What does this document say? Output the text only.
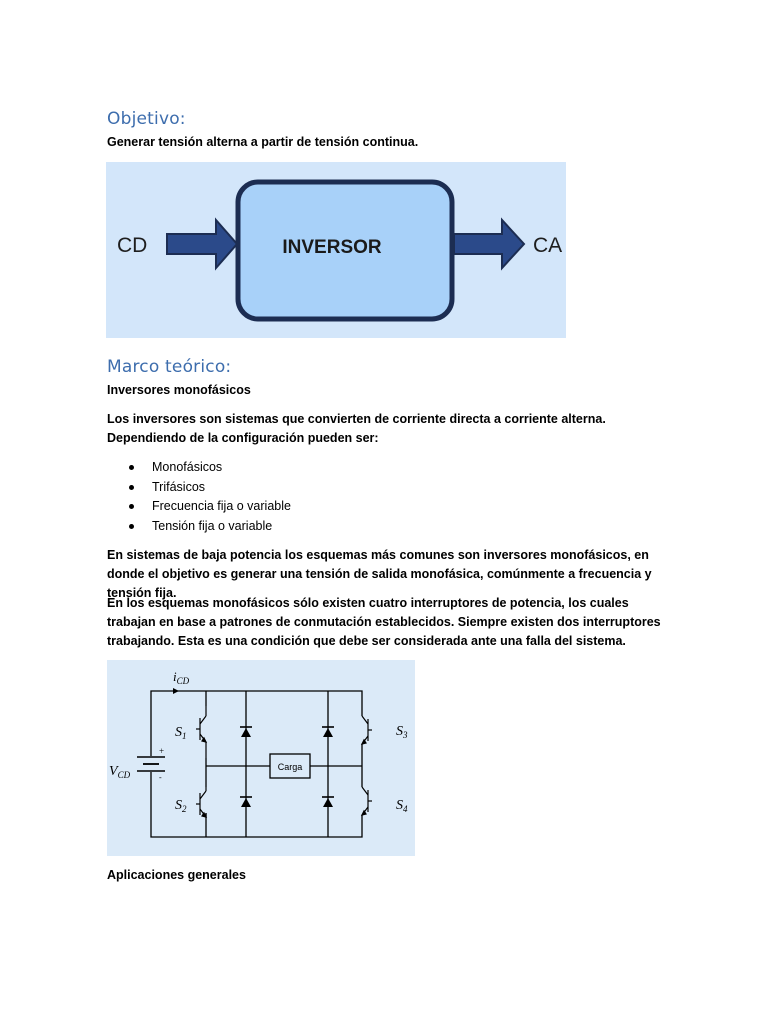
Objetivo:

Generar tensión alterna a partir de tensión continua.

CD	INVERSOR	CA
Marco teórico:

Inversores monofásicos

Los inversores son sistemas que convierten de corriente directa a corriente alterna. Dependiendo de la configuración pueden ser:

Monofásicos
Trifásicos
Frecuencia fija o variable
Tensión fija o variable

En sistemas de baja potencia los esquemas más comunes son inversores monofásicos, en donde el objetivo es generar una tensión de salida monofásica, comúnmente a frecuencia y tensión fija.

En los esquemas monofásicos sólo existen cuatro interruptores de potencia, los cuales trabajan en base a patrones de conmutación establecidos. Siempre existen dos interruptores trabajando. Esta es una condición que debe ser considerada ante una falla del sistema.

+
-
Carga
$i_{CD}$
$V_{CD}$
$S_1$
$S_2$
$S_3$
$S_4$

Aplicaciones generales
